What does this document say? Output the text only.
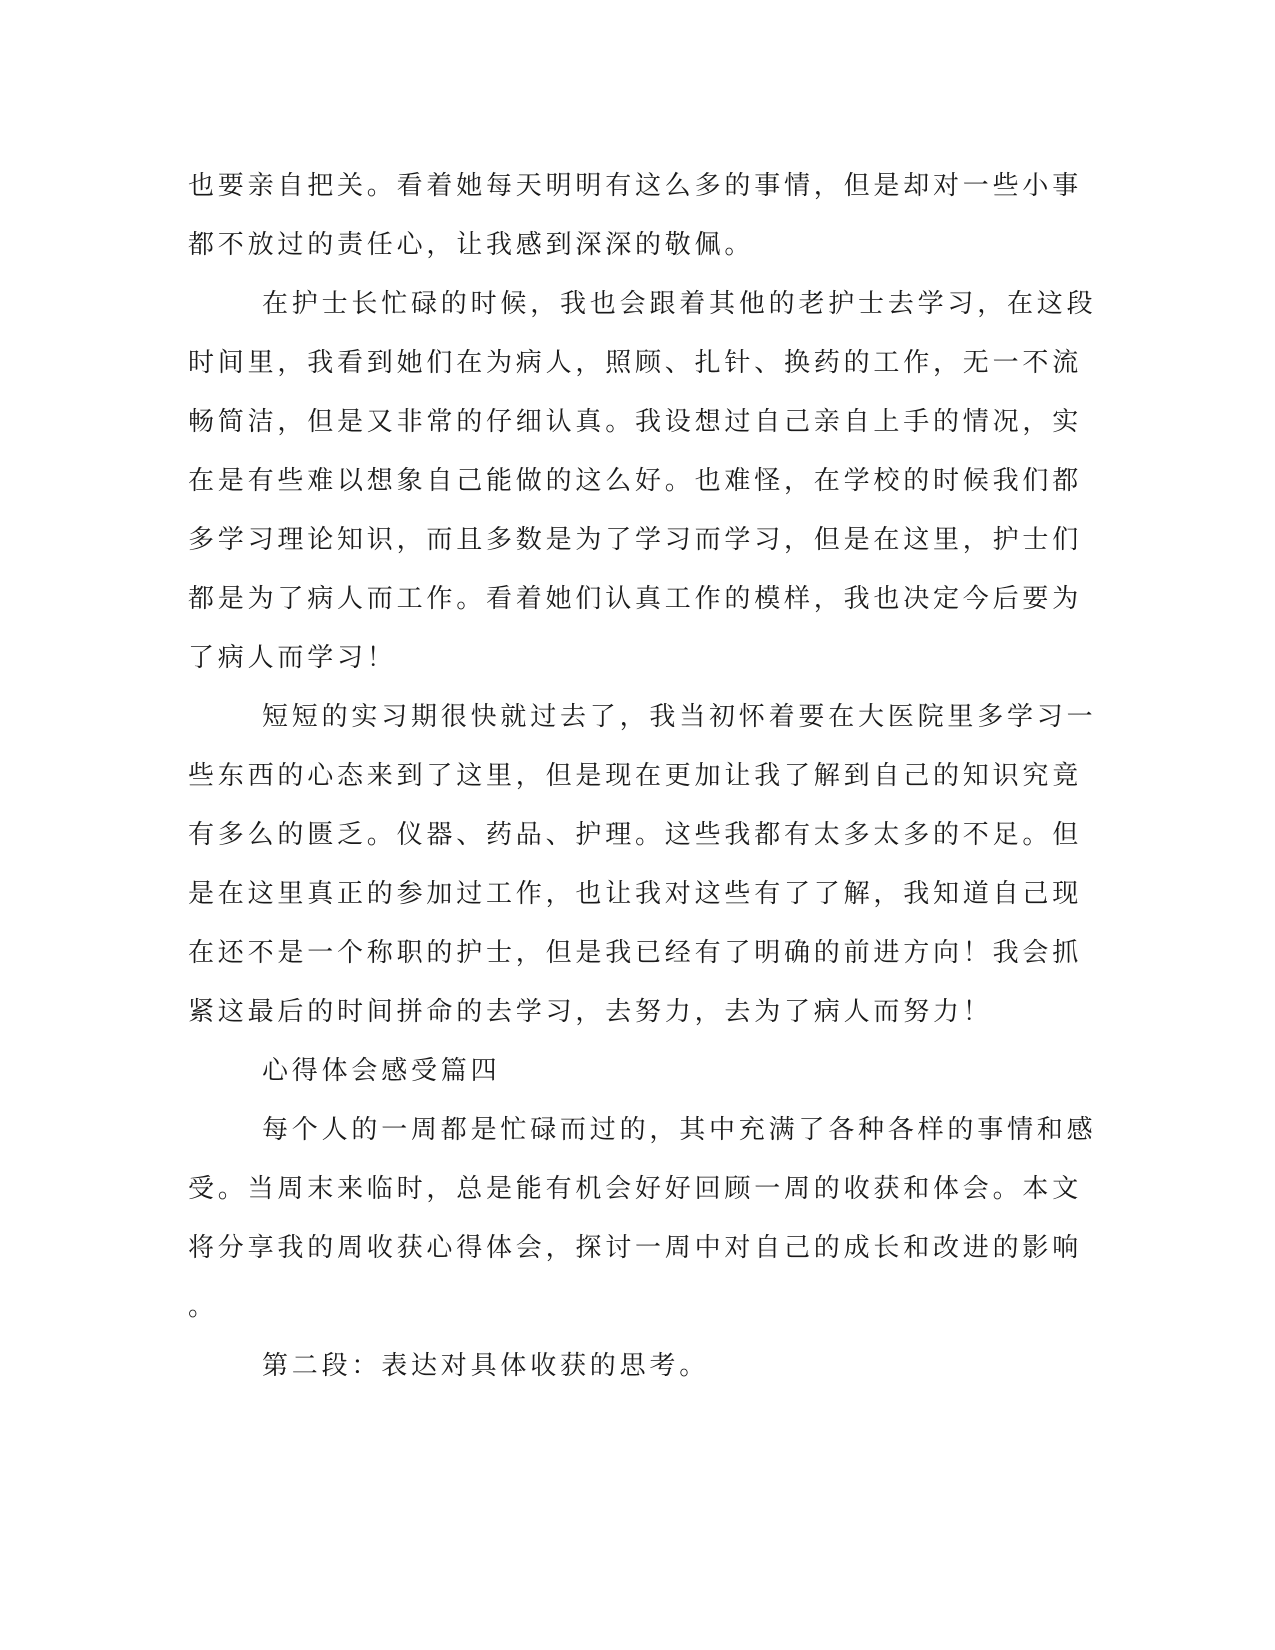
也要亲自把关。看着她每天明明有这么多的事情，但是却对一些小事
都不放过的责任心，让我感到深深的敬佩。
在护士长忙碌的时候，我也会跟着其他的老护士去学习，在这段
时间里，我看到她们在为病人，照顾、扎针、换药的工作，无一不流
畅简洁，但是又非常的仔细认真。我设想过自己亲自上手的情况，实
在是有些难以想象自己能做的这么好。也难怪，在学校的时候我们都
多学习理论知识，而且多数是为了学习而学习，但是在这里，护士们
都是为了病人而工作。看着她们认真工作的模样，我也决定今后要为
了病人而学习！
短短的实习期很快就过去了，我当初怀着要在大医院里多学习一
些东西的心态来到了这里，但是现在更加让我了解到自己的知识究竟
有多么的匮乏。仪器、药品、护理。这些我都有太多太多的不足。但
是在这里真正的参加过工作，也让我对这些有了了解，我知道自己现
在还不是一个称职的护士，但是我已经有了明确的前进方向！我会抓
紧这最后的时间拼命的去学习，去努力，去为了病人而努力！
心得体会感受篇四
每个人的一周都是忙碌而过的，其中充满了各种各样的事情和感
受。当周末来临时，总是能有机会好好回顾一周的收获和体会。本文
将分享我的周收获心得体会，探讨一周中对自己的成长和改进的影响
。
第二段：表达对具体收获的思考。
